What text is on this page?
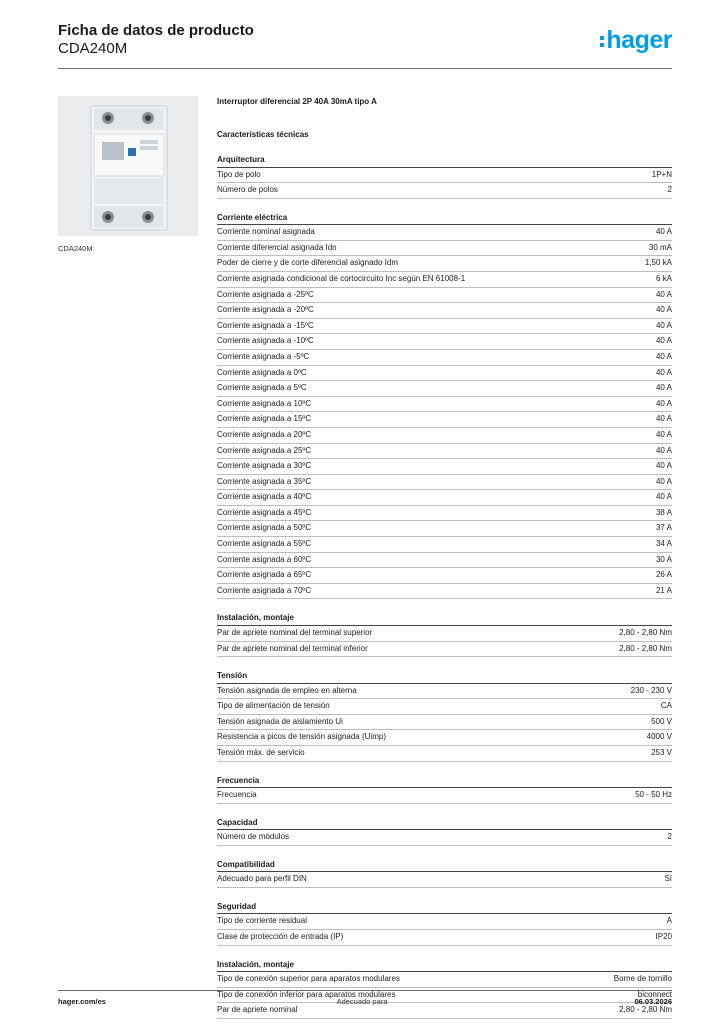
Ficha de datos de producto
CDA240M	hager
CDA240M
Interruptor diferencial 2P 40A 30mA tipo A
Características técnicas
Arquitectura
Tipo de polo	1P+N
Número de polos	2
Corriente eléctrica
Corriente nominal asignada	40 A
Corriente diferencial asignada Idn	30 mA
Poder de cierre y de corte diferencial asignado Idm	1,50 kA
Corriente asignada condicional de cortocircuito Inc según EN 61008-1	6 kA
Corriente asignada a -25ºC	40 A
Corriente asignada a -20ºC	40 A
Corriente asignada a -15ºC	40 A
Corriente asignada a -10ºC	40 A
Corriente asignada a -5ºC	40 A
Corriente asignada a 0ºC	40 A
Corriente asignada a 5ºC	40 A
Corriente asignada a 10ºC	40 A
Corriente asignada a 15ºC	40 A
Corriente asignada a 20ºC	40 A
Corriente asignada a 25ºC	40 A
Corriente asignada a 30ºC	40 A
Corriente asignada a 35ºC	40 A
Corriente asignada a 40ºC	40 A
Corriente asignada a 45ºC	38 A
Corriente asignada a 50ºC	37 A
Corriente asignada a 55ºC	34 A
Corriente asignada a 60ºC	30 A
Corriente asignada a 65ºC	26 A
Corriente asignada a 70ºC	21 A
Instalación, montaje
Par de apriete nominal del terminal superior	2,80 - 2,80 Nm
Par de apriete nominal del terminal inferior	2,80 - 2,80 Nm
Tensión
Tensión asignada de empleo en alterna	230 - 230 V
Tipo de alimentación de tensión	CA
Tensión asignada de aislamiento Ui	500 V
Resistencia a picos de tensión asignada (Uimp)	4000 V
Tensión máx. de servicio	253 V
Frecuencia
Frecuencia	50 - 50 Hz
Capacidad
Número de módulos	2
Compatibilidad
Adecuado para perfil DIN	Sí
Seguridad
Tipo de corriente residual	A
Clase de protección de entrada (IP)	IP20
Instalación, montaje
Tipo de conexión superior para aparatos modulares	Borne de tornillo
Tipo de conexión inferior para aparatos modulares	biconnect
Par de apriete nominal	2,80 - 2,80 Nm
hager.com/es	Adecuado para	06.03.2026
